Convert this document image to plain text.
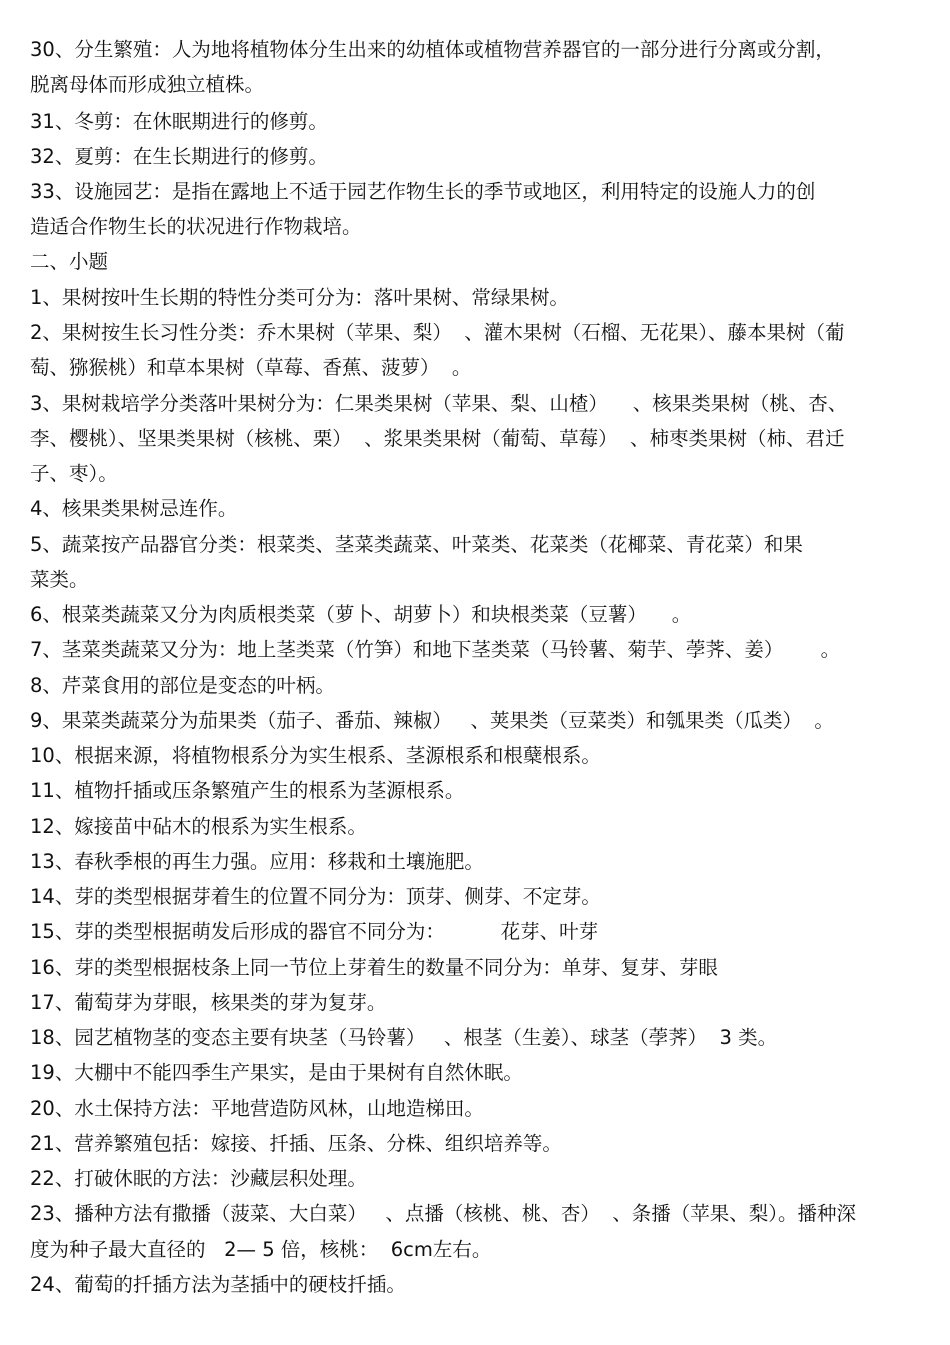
30、分生繁殖：人为地将植物体分生出来的幼植体或植物营养器官的一部分进行分离或分割，
脱离母体而形成独立植株。
31、冬剪：在休眠期进行的修剪。
32、夏剪：在生长期进行的修剪。
33、设施园艺：是指在露地上不适于园艺作物生长的季节或地区，利用特定的设施人力的创
造适合作物生长的状况进行作物栽培。
二、小题
1、果树按叶生长期的特性分类可分为：落叶果树、常绿果树。
2、果树按生长习性分类：乔木果树（苹果、梨）  、灌木果树（石榴、无花果）、藤本果树（葡
萄、猕猴桃）和草本果树（草莓、香蕉、菠萝）  。
3、果树栽培学分类落叶果树分为：仁果类果树（苹果、梨、山楂）    、核果类果树（桃、杏、
李、樱桃）、坚果类果树（核桃、栗）  、浆果类果树（葡萄、草莓）  、柿枣类果树（柿、君迁
子、枣）。
4、核果类果树忌连作。
5、蔬菜按产品器官分类：根菜类、茎菜类蔬菜、叶菜类、花菜类（花椰菜、青花菜）和果
菜类。
6、根菜类蔬菜又分为肉质根类菜（萝卜、胡萝卜）和块根类菜（豆薯）    。
7、茎菜类蔬菜又分为：地上茎类菜（竹笋）和地下茎类菜（马铃薯、菊芋、荸荠、姜）      。
8、芹菜食用的部位是变态的叶柄。
9、果菜类蔬菜分为茄果类（茄子、番茄、辣椒）   、荚果类（豆菜类）和瓠果类（瓜类）  。
10、根据来源，将植物根系分为实生根系、茎源根系和根蘖根系。
11、植物扦插或压条繁殖产生的根系为茎源根系。
12、嫁接苗中砧木的根系为实生根系。
13、春秋季根的再生力强。应用：移栽和土壤施肥。
14、芽的类型根据芽着生的位置不同分为：顶芽、侧芽、不定芽。
15、芽的类型根据萌发后形成的器官不同分为：         花芽、叶芽
16、芽的类型根据枝条上同一节位上芽着生的数量不同分为：单芽、复芽、芽眼
17、葡萄芽为芽眼，核果类的芽为复芽。
18、园艺植物茎的变态主要有块茎（马铃薯）   、根茎（生姜）、球茎（荸荠）  3 类。
19、大棚中不能四季生产果实，是由于果树有自然休眠。
20、水土保持方法：平地营造防风林，山地造梯田。
21、营养繁殖包括：嫁接、扦插、压条、分株、组织培养等。
22、打破休眠的方法：沙藏层积处理。
23、播种方法有撒播（菠菜、大白菜）   、点播（核桃、桃、杏）  、条播（苹果、梨）。播种深
度为种子最大直径的   2— 5 倍，核桃：  6cm左右。
24、葡萄的扦插方法为茎插中的硬枝扦插。
